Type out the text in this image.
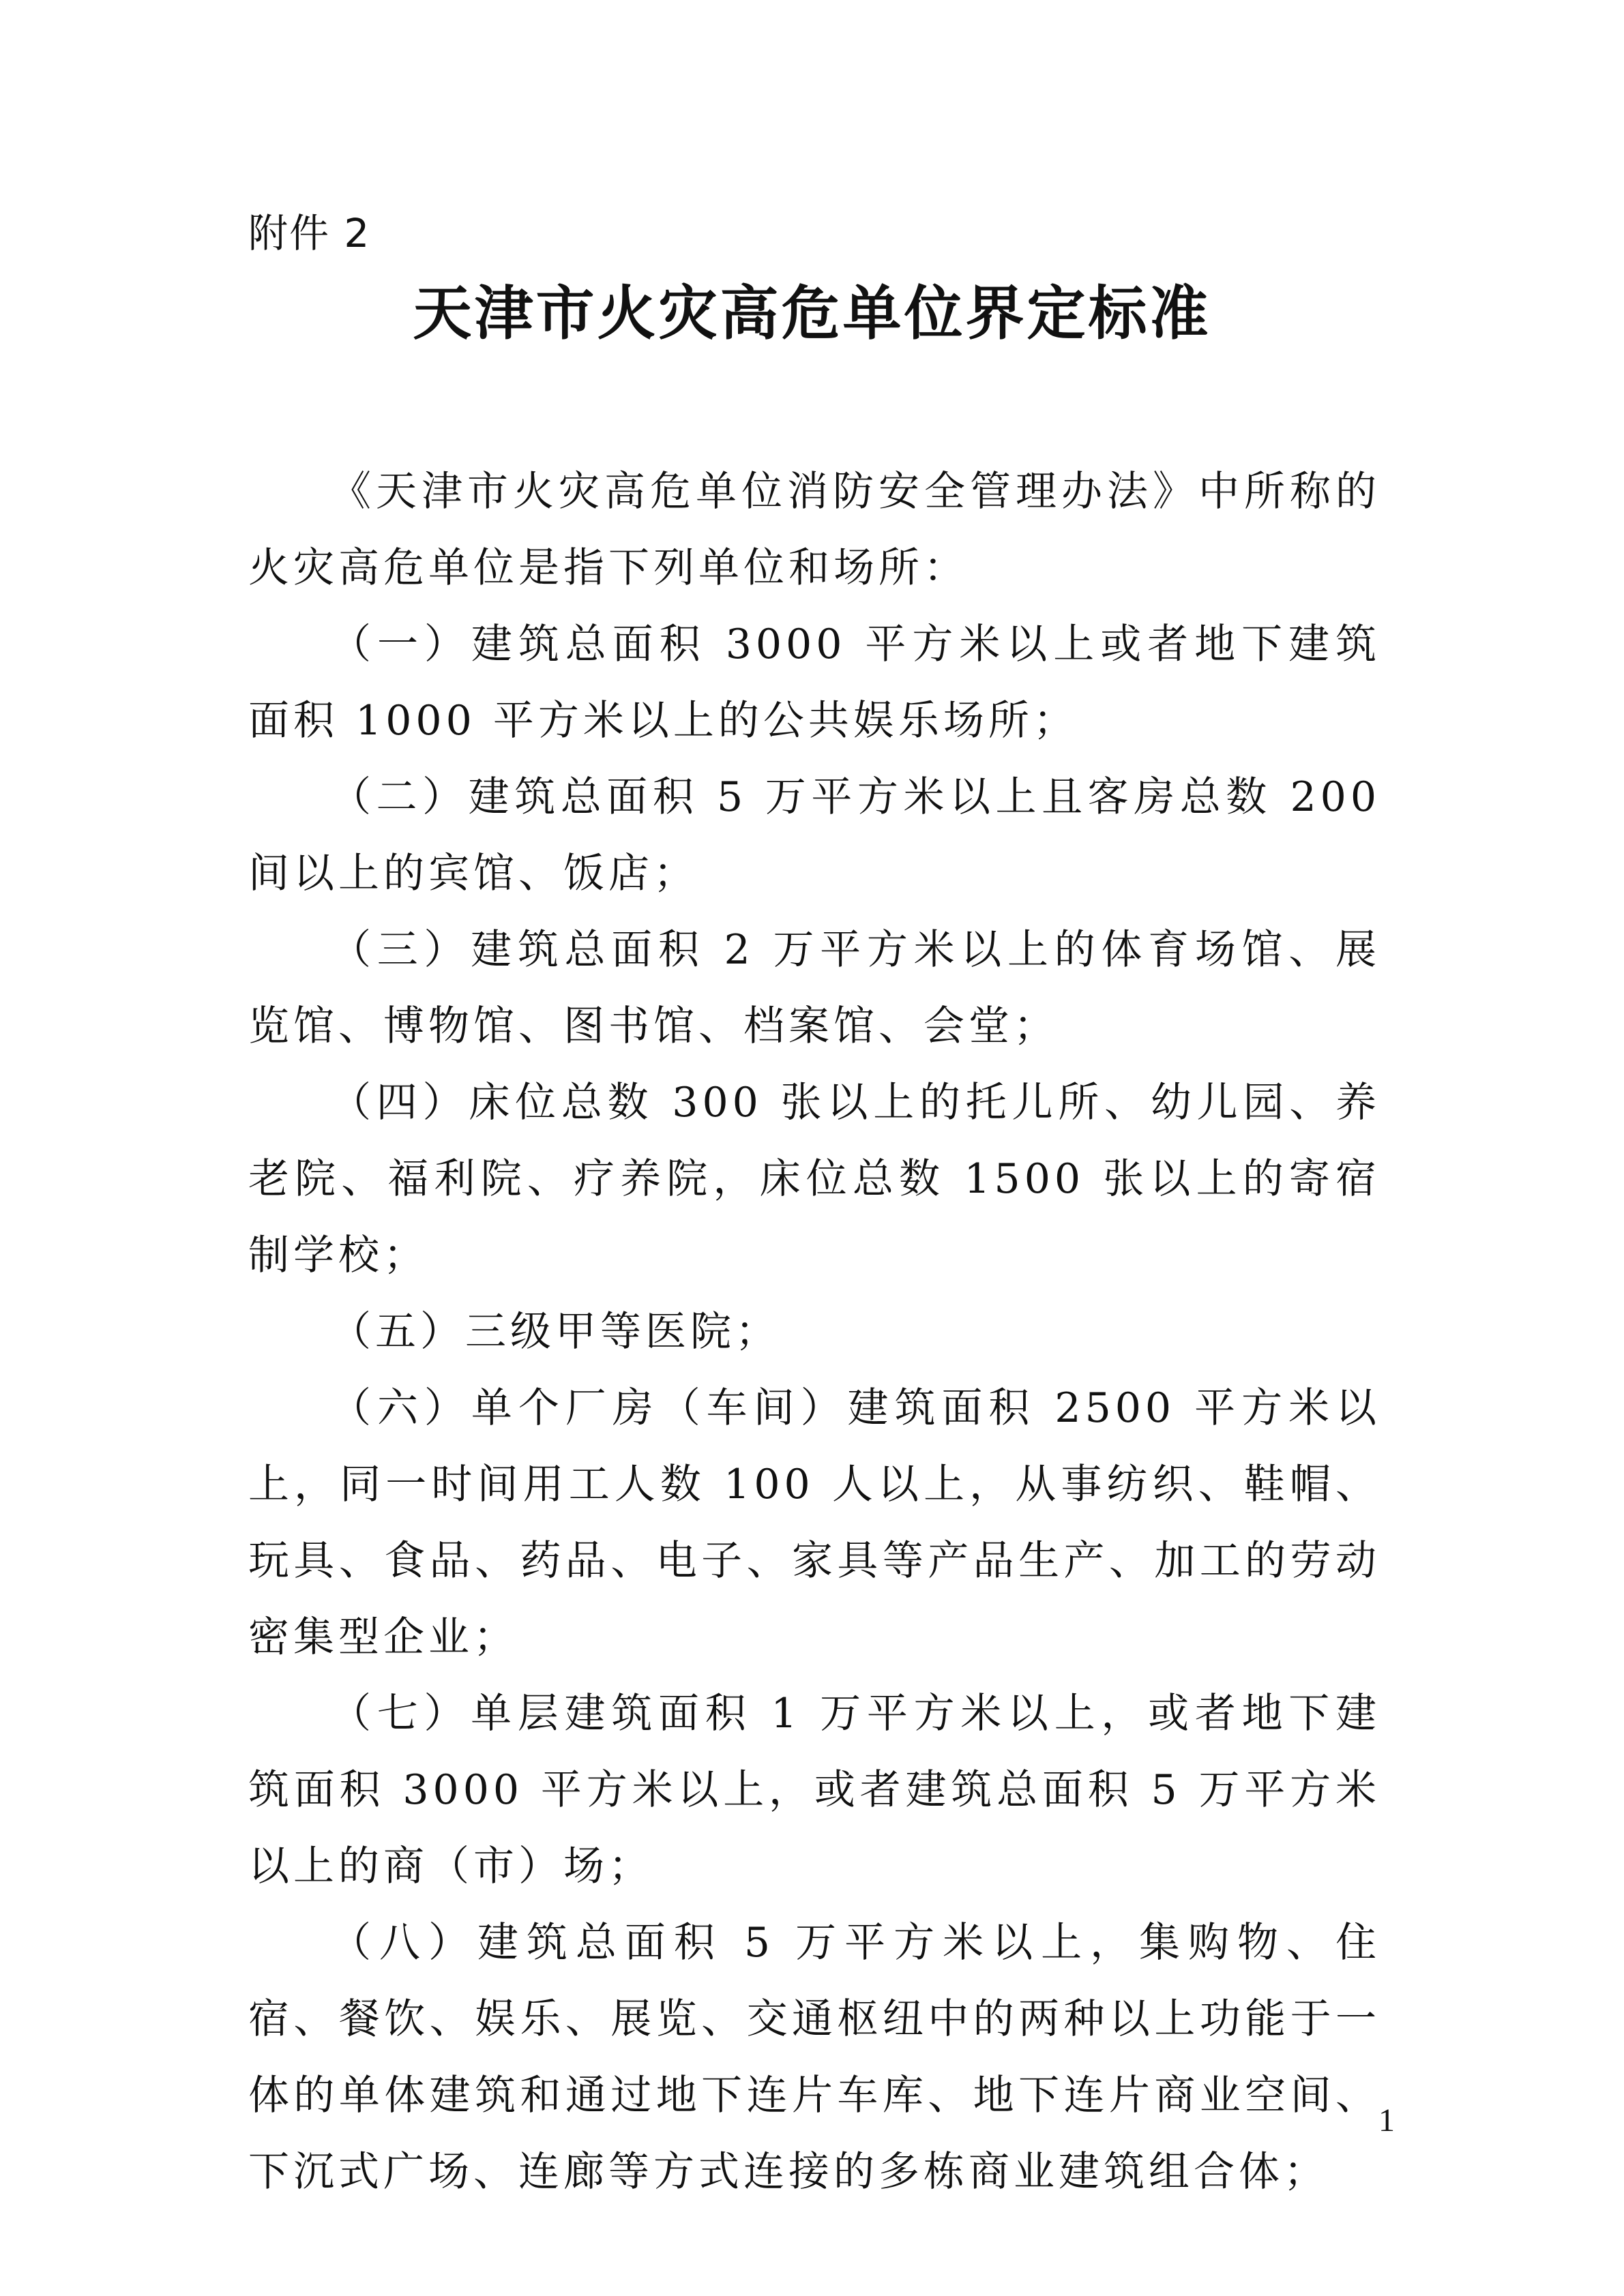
附件 2
天津市火灾高危单位界定标准

《天津市火灾高危单位消防安全管理办法》中所称的火灾高危单位是指下列单位和场所：

（一）建筑总面积 3000 平方米以上或者地下建筑面积 1000 平方米以上的公共娱乐场所；

（二）建筑总面积 5 万平方米以上且客房总数 200 间以上的宾馆、饭店；

（三）建筑总面积 2 万平方米以上的体育场馆、展览馆、博物馆、图书馆、档案馆、会堂；

（四）床位总数 300 张以上的托儿所、幼儿园、养老院、福利院、疗养院，床位总数 1500 张以上的寄宿制学校；

（五）三级甲等医院；

（六）单个厂房（车间）建筑面积 2500 平方米以上，同一时间用工人数 100 人以上，从事纺织、鞋帽、玩具、食品、药品、电子、家具等产品生产、加工的劳动密集型企业；

（七）单层建筑面积 1 万平方米以上，或者地下建筑面积 3000 平方米以上，或者建筑总面积 5 万平方米以上的商（市）场；

（八）建筑总面积 5 万平方米以上，集购物、住宿、餐饮、娱乐、展览、交通枢纽中的两种以上功能于一体的单体建筑和通过地下连片车库、地下连片商业空间、下沉式广场、连廊等方式连接的多栋商业建筑组合体；

1
